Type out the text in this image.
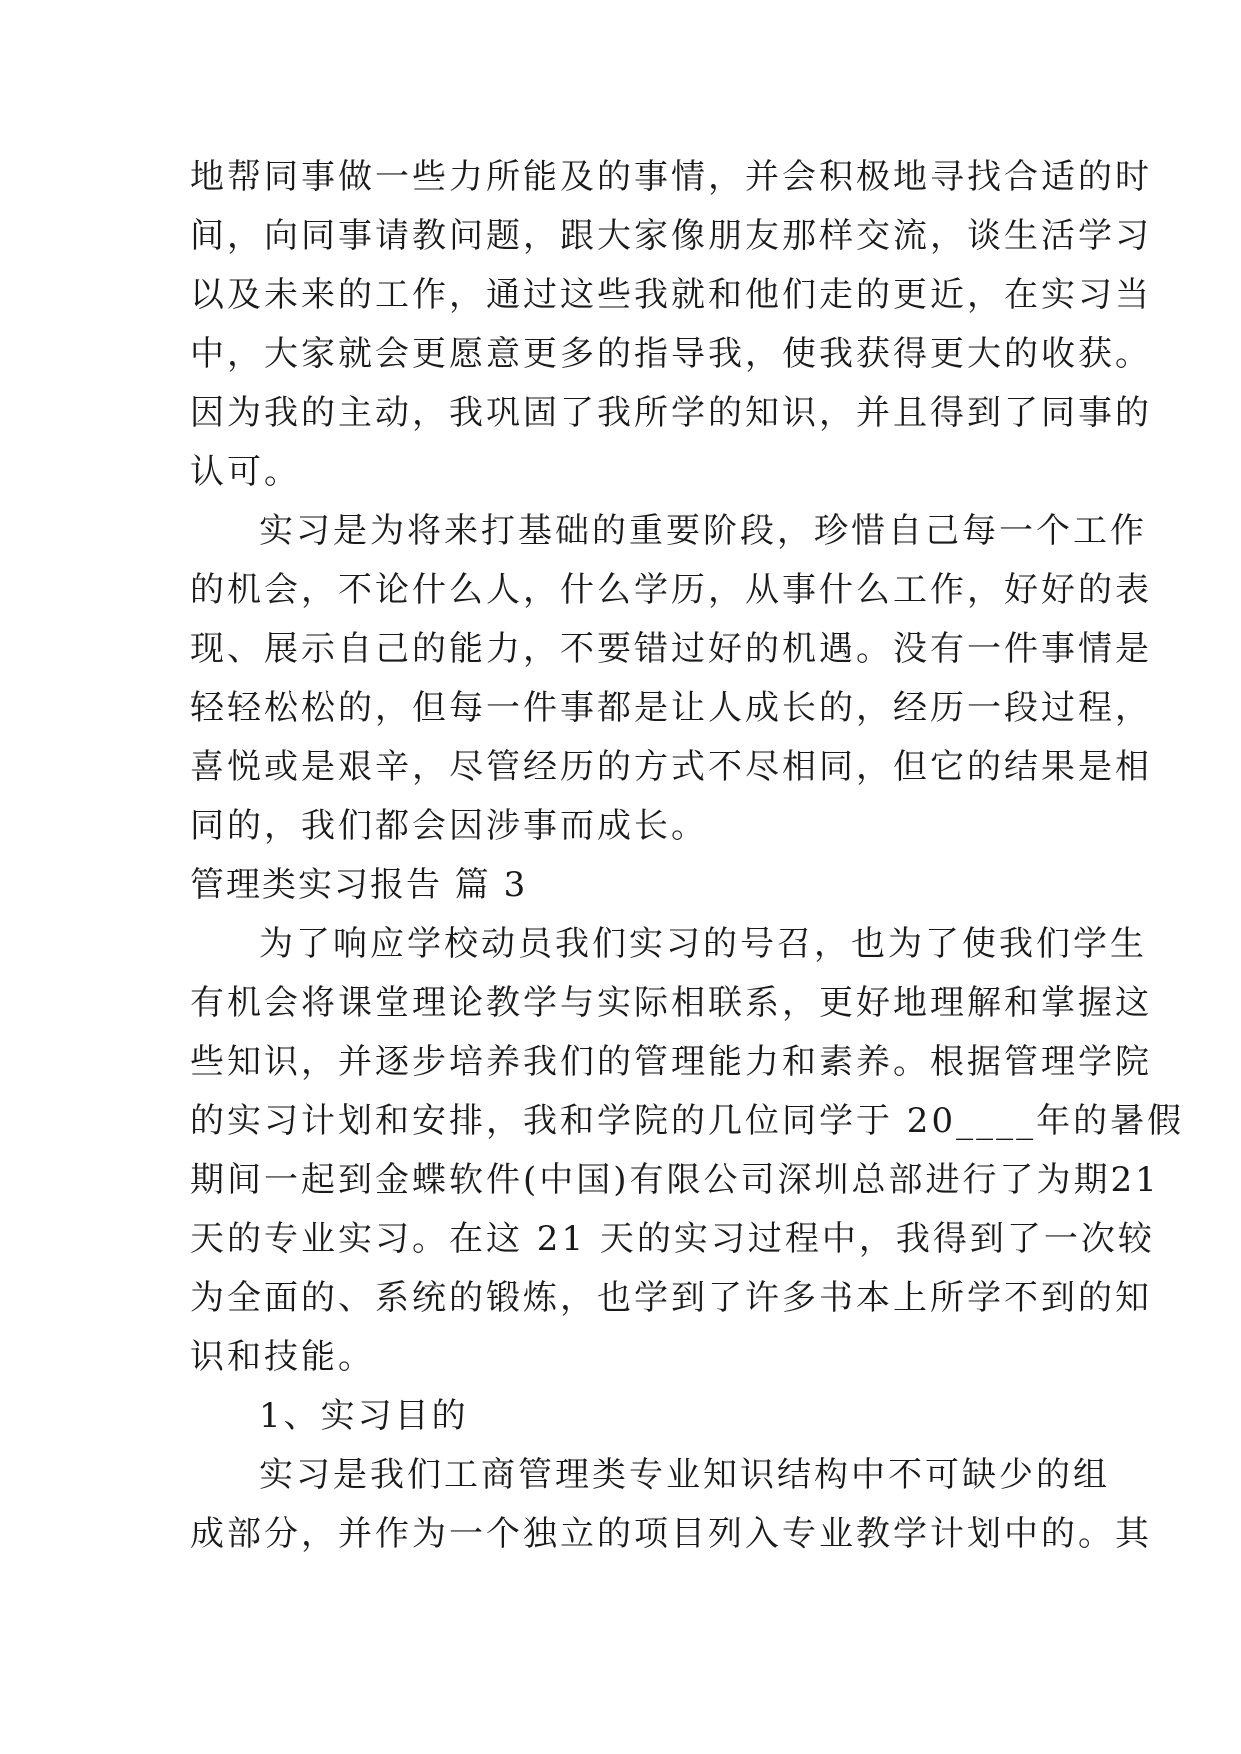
地帮同事做一些力所能及的事情，并会积极地寻找合适的时
间，向同事请教问题，跟大家像朋友那样交流，谈生活学习
以及未来的工作，通过这些我就和他们走的更近，在实习当
中，大家就会更愿意更多的指导我，使我获得更大的收获。
因为我的主动，我巩固了我所学的知识，并且得到了同事的
认可。
实习是为将来打基础的重要阶段，珍惜自己每一个工作
的机会，不论什么人，什么学历，从事什么工作，好好的表
现、展示自己的能力，不要错过好的机遇。没有一件事情是
轻轻松松的，但每一件事都是让人成长的，经历一段过程，
喜悦或是艰辛，尽管经历的方式不尽相同，但它的结果是相
同的，我们都会因涉事而成长。
管理类实习报告 篇 3
为了响应学校动员我们实习的号召，也为了使我们学生
有机会将课堂理论教学与实际相联系，更好地理解和掌握这
些知识，并逐步培养我们的管理能力和素养。根据管理学院
的实习计划和安排，我和学院的几位同学于 20____年的暑假
期间一起到金蝶软件(中国)有限公司深圳总部进行了为期21
天的专业实习。在这 21 天的实习过程中，我得到了一次较
为全面的、系统的锻炼，也学到了许多书本上所学不到的知
识和技能。
1、实习目的
实习是我们工商管理类专业知识结构中不可缺少的组
成部分，并作为一个独立的项目列入专业教学计划中的。其
